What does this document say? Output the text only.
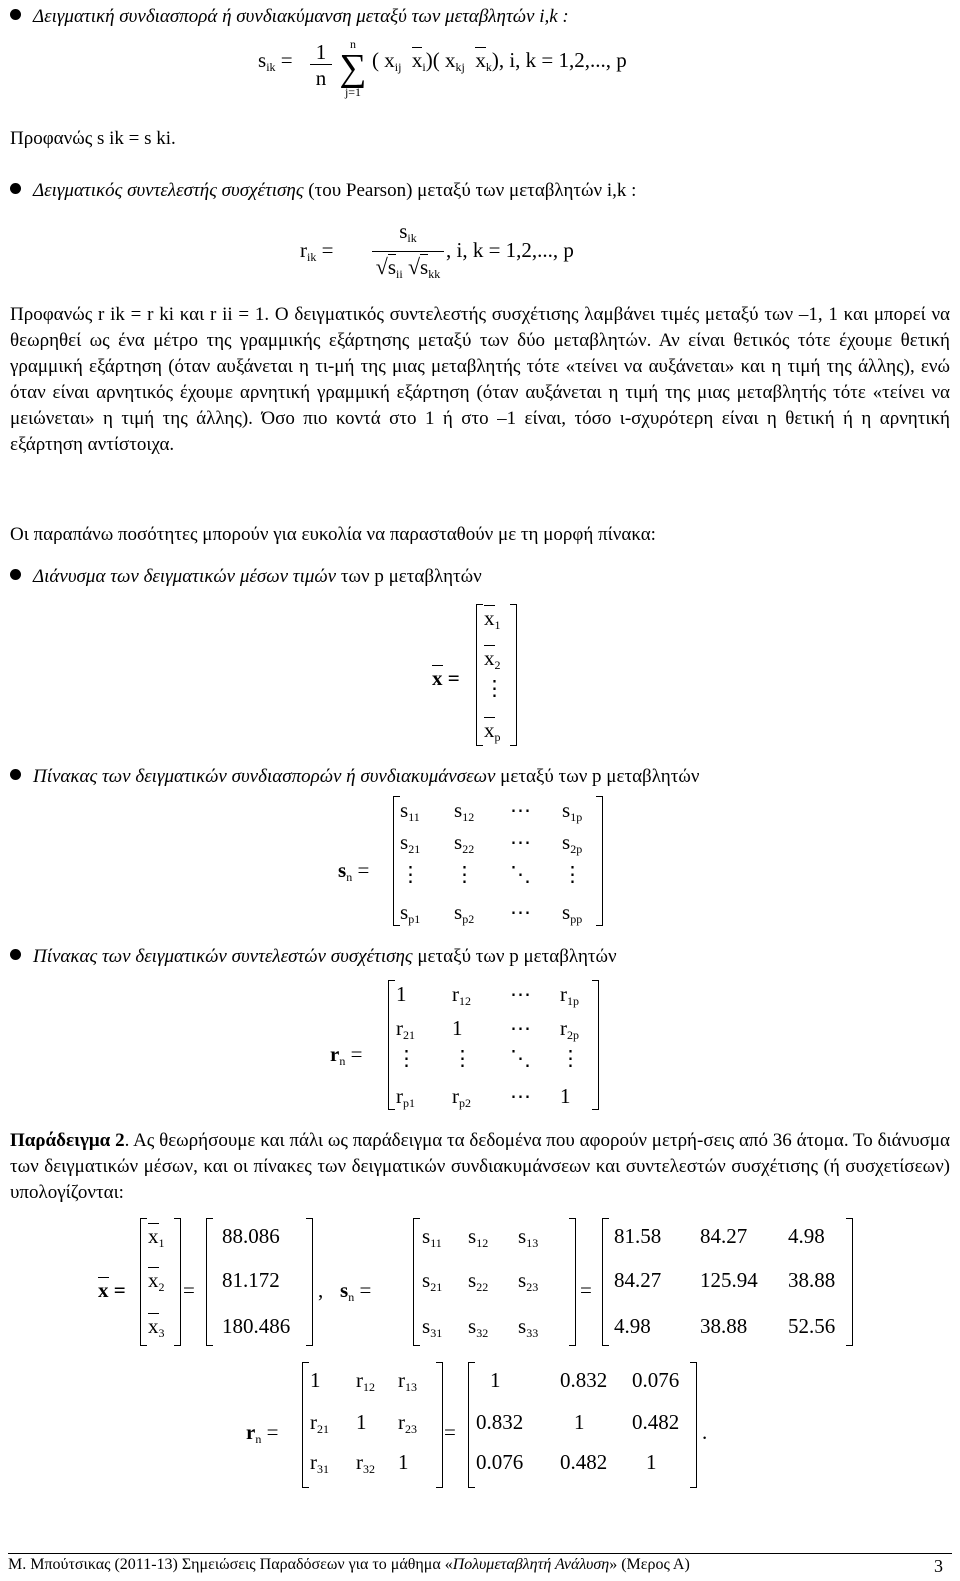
Δειγματική συνδιασπορά ή συνδιακύμανση μεταξύ των μεταβλητών i,k :
$s_{ik} = \frac{1}{n}$	n
∑
j=1
( $x_{ij}$ $x_i$)( $x_{kj}$ $x_k$), i, k = 1,2,..., p
Προφανώς s ik = s ki.
Δειγματικός συντελεστής συσχέτισης (του Pearson) μεταξύ των μεταβλητών i,k :
$r_{ik}$ =
$s_{ik}$
$√s_{ii}$ $√s_{kk}$
, i, k = 1,2,..., p
Προφανώς r ik = r ki και r ii = 1. Ο δειγματικός συντελεστής συσχέτισης λαμβάνει τιμές μεταξύ των –1, 1 και μπορεί να θεωρηθεί ως ένα μέτρο της γραμμικής εξάρτησης μεταξύ των δύο μεταβλητών. Αν είναι θετικός τότε έχουμε θετική γραμμική εξάρτηση (όταν αυξάνεται η τι-μή της μιας μεταβλητής τότε «τείνει να αυξάνεται» και η τιμή της άλλης), ενώ όταν είναι αρνητικός έχουμε αρνητική γραμμική εξάρτηση (όταν αυξάνεται η τιμή της μιας μεταβλητής τότε «τείνει να μειώνεται» η τιμή της άλλης). Όσο πιο κοντά στο 1 ή στο –1 είναι, τόσο ι-σχυρότερη είναι η θετική ή η αρνητική εξάρτηση αντίστοιχα.
Οι παραπάνω ποσότητες μπορούν για ευκολία να παρασταθούν με τη μορφή πίνακα:
Διάνυσμα των δειγματικών μέσων τιμών των p μεταβλητών
x =
$x_1$
$x_2$
⋮
$x_p$
Πίνακας των δειγματικών συνδιασπορών ή συνδιακυμάνσεων μεταξύ των p μεταβλητών
$s_n$ =
$s_{11}$ $s_{12}$ ⋯ $s_{1p}$
$s_{21}$ $s_{22}$ ⋯ $s_{2p}$
⋮ ⋮ ⋱ ⋮
$s_{p1}$ $s_{p2}$ ⋯ $s_{pp}$
Πίνακας των δειγματικών συντελεστών συσχέτισης μεταξύ των p μεταβλητών
$r_n$ =
1 $r_{12}$ ⋯ $r_{1p}$
$r_{21}$ 1 ⋯ $r_{2p}$
⋮ ⋮ ⋱ ⋮
$r_{p1}$ $r_{p2}$ ⋯ 1
Παράδειγμα 2. Ας θεωρήσουμε και πάλι ως παράδειγμα τα δεδομένα που αφορούν μετρή-σεις από 36 άτομα. Το διάνυσμα των δειγματικών μέσων, και οι πίνακες των δειγματικών συνδιακυμάνσεων και συντελεστών συσχέτισης (ή συσχετίσεων) υπολογίζονται:
x =	=	, $s_n$ =	=
$r_n$ =	=	.
$x_1$
$x_2$
$x_3$
88.086
81.172
180.486
$s_{11}$ $s_{12}$ $s_{13}$
$s_{21}$ $s_{22}$ $s_{23}$
$s_{31}$ $s_{32}$ $s_{33}$
81.58 84.27 4.98
84.27 125.94 38.88
4.98 38.88 52.56
1 $r_{12}$ $r_{13}$
$r_{21}$ 1 $r_{23}$
$r_{31}$ $r_{32}$ 1
1	0.832 0.076
0.832 1 0.482
0.076 0.482 1
Μ. Μπούτσικας (2011-13) Σημειώσεις Παραδόσεων για το μάθημα «Πολυμεταβλητή Ανάλυση» (Μερος Α)	3
